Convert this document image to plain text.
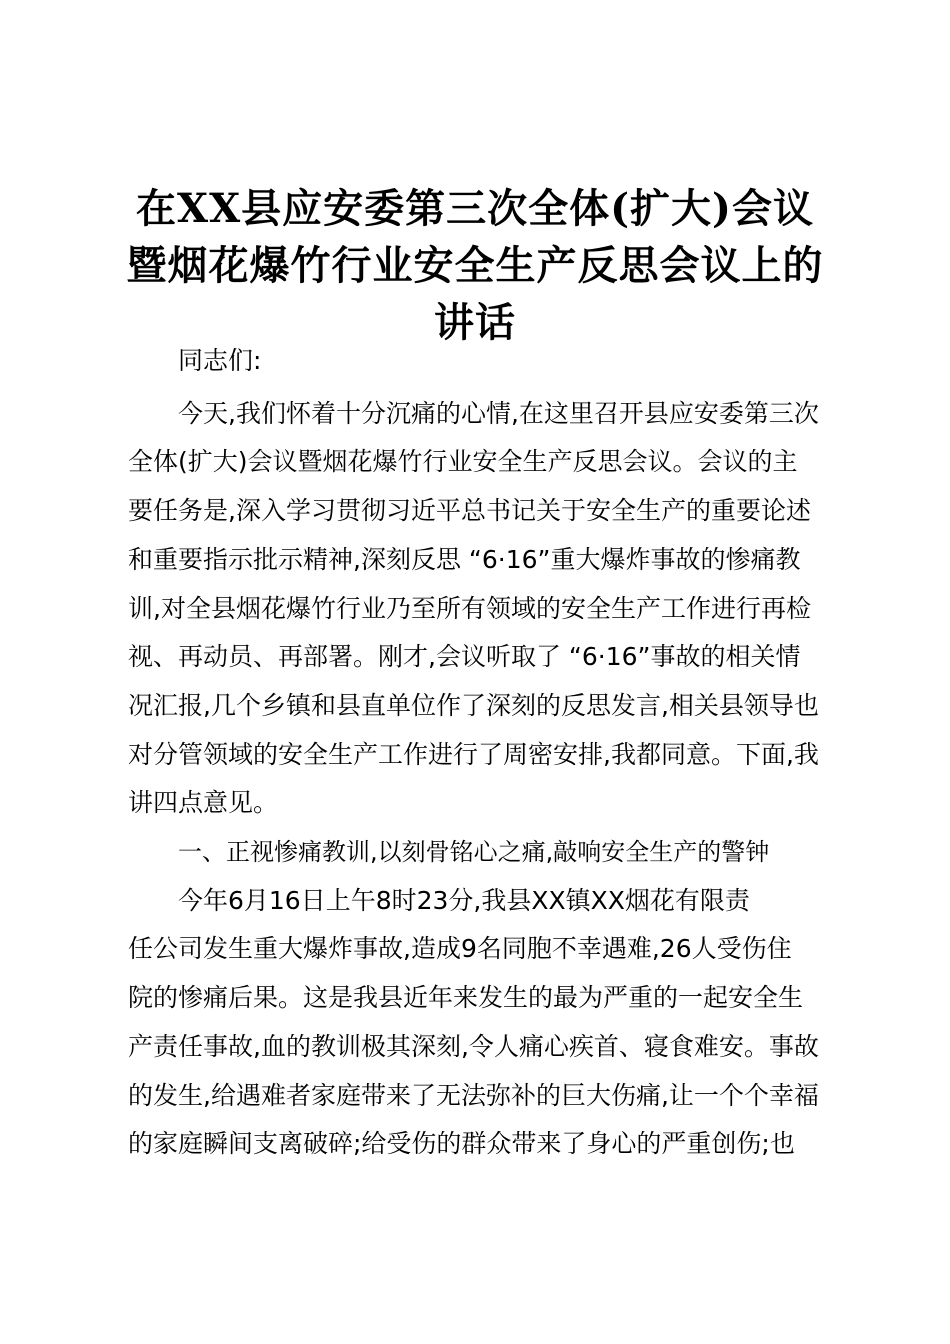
在XX县应安委第三次全体(扩大)会议
暨烟花爆竹行业安全生产反思会议上的
讲话

同志们:

今天,我们怀着十分沉痛的心情,在这里召开县应安委第三次
全体(扩大)会议暨烟花爆竹行业安全生产反思会议。会议的主
要任务是,深入学习贯彻习近平总书记关于安全生产的重要论述
和重要指示批示精神,深刻反思 “6·16”重大爆炸事故的惨痛教
训,对全县烟花爆竹行业乃至所有领域的安全生产工作进行再检
视、再动员、再部署。刚才,会议听取了 “6·16”事故的相关情
况汇报,几个乡镇和县直单位作了深刻的反思发言,相关县领导也
对分管领域的安全生产工作进行了周密安排,我都同意。下面,我
讲四点意见。

一、正视惨痛教训,以刻骨铭心之痛,敲响安全生产的警钟

今年6月16日上午8时23分,我县XX镇XX烟花有限责
任公司发生重大爆炸事故,造成9名同胞不幸遇难,26人受伤住
院的惨痛后果。这是我县近年来发生的最为严重的一起安全生
产责任事故,血的教训极其深刻,令人痛心疾首、寝食难安。事故
的发生,给遇难者家庭带来了无法弥补的巨大伤痛,让一个个幸福
的家庭瞬间支离破碎;给受伤的群众带来了身心的严重创伤;也
